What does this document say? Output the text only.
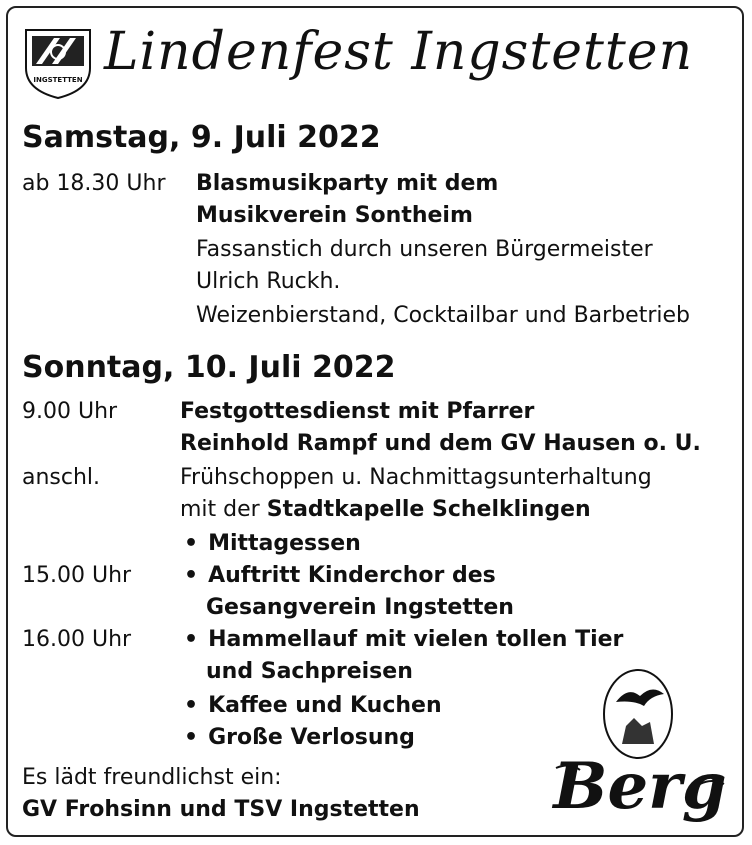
INGSTETTEN Lindenfest Ingstetten
Samstag, 9. Juli 2022
ab 18.30 Uhr Blasmusikparty mit dem
Musikverein Sontheim
Fassanstich durch unseren Bürgermeister
Ulrich Ruckh.
Weizenbierstand, Cocktailbar und Barbetrieb
Sonntag, 10. Juli 2022
9.00 Uhr	Festgottesdienst mit Pfarrer
Reinhold Rampf und dem GV Hausen o. U.
anschl.	Frühschoppen u. Nachmittagsunterhaltung
mit der Stadtkapelle Schelklingen
• Mittagessen
15.00 Uhr	• Auftritt Kinderchor des
Gesangverein Ingstetten
16.00 Uhr	• Hammellauf mit vielen tollen Tier
und Sachpreisen
• Kaffee und Kuchen
• Große Verlosung
Es lädt freundlichst ein:
GV Frohsinn und TSV Ingstetten Berg
